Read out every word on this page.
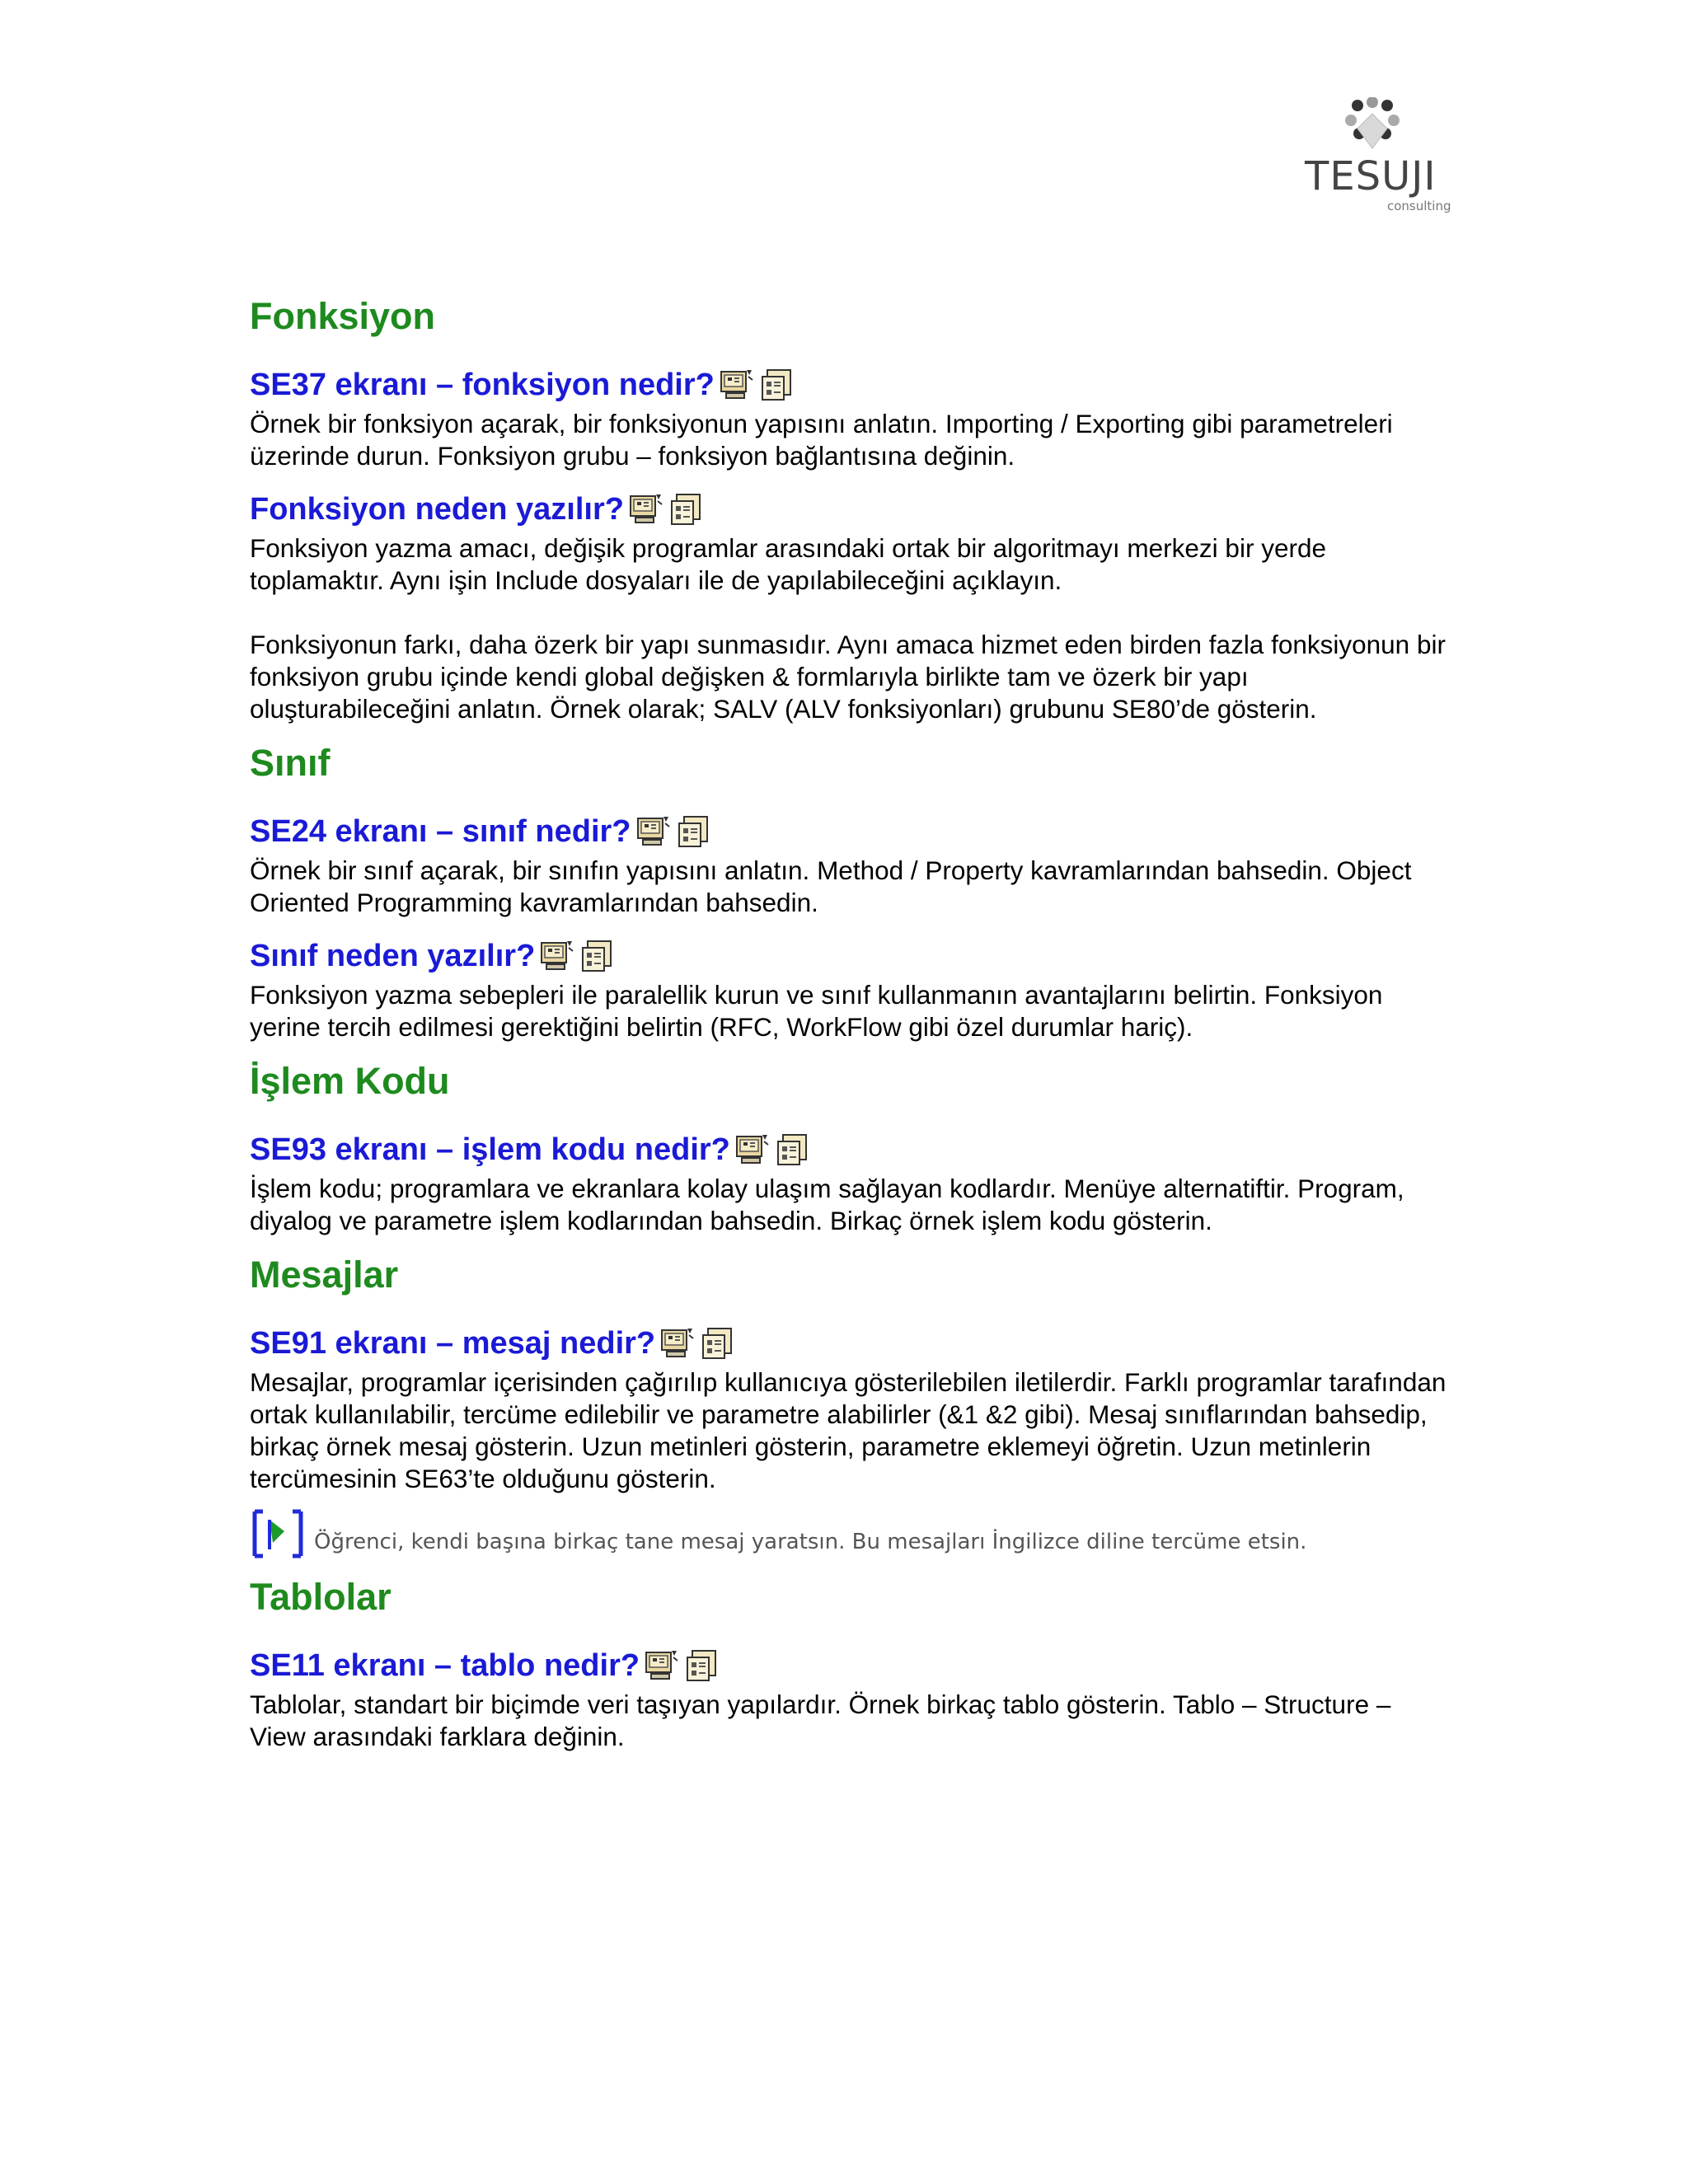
TESUJI
consulting
Fonksiyon
SE37 ekranı – fonksiyon nedir?

Örnek bir fonksiyon açarak, bir fonksiyonun yapısını anlatın. Importing / Exporting gibi parametreleri üzerinde durun. Fonksiyon grubu – fonksiyon bağlantısına değinin.

Fonksiyon neden yazılır?

Fonksiyon yazma amacı, değişik programlar arasındaki ortak bir algoritmayı merkezi bir yerde toplamaktır. Aynı işin Include dosyaları ile de yapılabileceğini açıklayın.

Fonksiyonun farkı, daha özerk bir yapı sunmasıdır. Aynı amaca hizmet eden birden fazla fonksiyonun bir fonksiyon grubu içinde kendi global değişken & formlarıyla birlikte tam ve özerk bir yapı oluşturabileceğini anlatın. Örnek olarak; SALV (ALV fonksiyonları) grubunu SE80’de gösterin.

Sınıf
SE24 ekranı – sınıf nedir?

Örnek bir sınıf açarak, bir sınıfın yapısını anlatın. Method / Property kavramlarından bahsedin. Object Oriented Programming kavramlarından bahsedin.

Sınıf neden yazılır?

Fonksiyon yazma sebepleri ile paralellik kurun ve sınıf kullanmanın avantajlarını belirtin. Fonksiyon yerine tercih edilmesi gerektiğini belirtin (RFC, WorkFlow gibi özel durumlar hariç).

İşlem Kodu
SE93 ekranı – işlem kodu nedir?

İşlem kodu; programlara ve ekranlara kolay ulaşım sağlayan kodlardır. Menüye alternatiftir. Program, diyalog ve parametre işlem kodlarından bahsedin. Birkaç örnek işlem kodu gösterin.

Mesajlar
SE91 ekranı – mesaj nedir?

Mesajlar, programlar içerisinden çağırılıp kullanıcıya gösterilebilen iletilerdir. Farklı programlar tarafından ortak kullanılabilir, tercüme edilebilir ve parametre alabilirler (&1 &2 gibi). Mesaj sınıflarından bahsedip, birkaç örnek mesaj gösterin. Uzun metinleri gösterin, parametre eklemeyi öğretin. Uzun metinlerin tercümesinin SE63’te olduğunu gösterin.

Öğrenci, kendi başına birkaç tane mesaj yaratsın. Bu mesajları İngilizce diline tercüme etsin.
Tablolar
SE11 ekranı – tablo nedir?

Tablolar, standart bir biçimde veri taşıyan yapılardır. Örnek birkaç tablo gösterin. Tablo – Structure – View arasındaki farklara değinin.
